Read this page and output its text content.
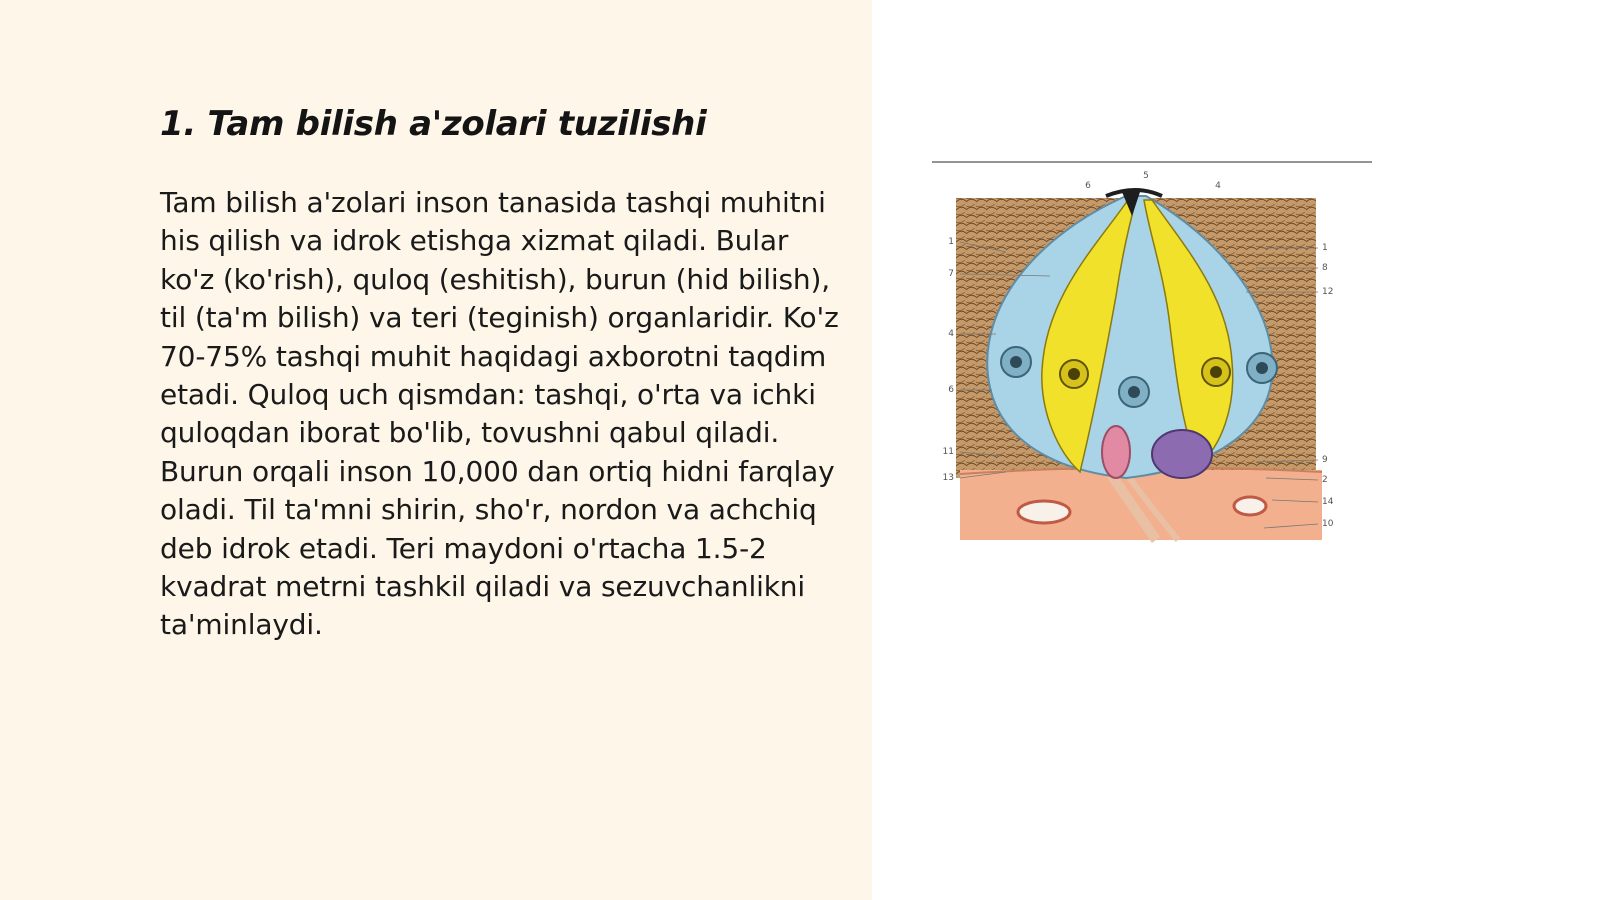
1. Tam bilish a'zolari tuzilishi

Tam bilish a'zolari inson tanasida tashqi muhitni his qilish va idrok etishga xizmat qiladi. Bular ko'z (ko'rish), quloq (eshitish), burun (hid bilish), til (ta'm bilish) va teri (teginish) organlaridir. Ko'z 70-75% tashqi muhit haqidagi axborotni taqdim etadi. Quloq uch qismdan: tashqi, o'rta va ichki quloqdan iborat bo'lib, tovushni qabul qiladi. Burun orqali inson 10,000 dan ortiq hidni farqlay oladi. Til ta'mni shirin, sho'r, nordon va achchiq deb idrok etadi. Teri maydoni o'rtacha 1.5-2 kvadrat metrni tashkil qiladi va sezuvchanlikni ta'minlaydi.

1
7
4
6
11
13
1
8
12
9
2
14
10
6
5
4
